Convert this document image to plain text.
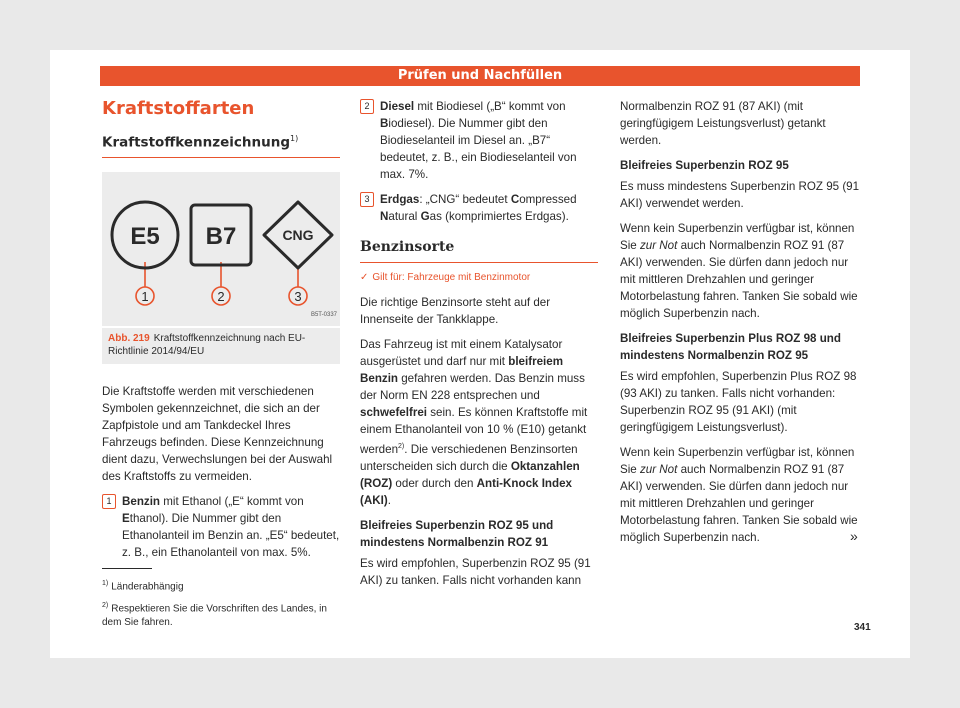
Prüfen und Nachfüllen
Kraftstoffarten
Kraftstoffkennzeichnung$^{1)}$
E5
1
B7
2
CNG
3
B5T-0337
Abb. 219 Kraftstoffkennzeichnung nach EU-Richtlinie 2014/94/EU

Die Kraftstoffe werden mit verschiedenen Symbolen gekennzeichnet, die sich an der Zapfpistole und am Tankdeckel Ihres Fahrzeugs befinden. Diese Kennzeichnung dient dazu, Verwechslungen bei der Auswahl des Kraftstoffs zu vermeiden.

1 Benzin mit Ethanol („E“ kommt von Ethanol). Die Nummer gibt den Ethanolanteil im Benzin an. „E5“ bedeutet, z. B., ein Ethanolanteil von max. 5%.
2 Diesel mit Biodiesel („B“ kommt von Biodiesel). Die Nummer gibt den Biodieselanteil im Diesel an. „B7“ bedeutet, z. B., ein Biodieselanteil von max. 7%.
3 Erdgas: „CNG“ bedeutet Compressed Natural Gas (komprimiertes Erdgas).
Benzinsorte
✓ Gilt für: Fahrzeuge mit Benzinmotor

Die richtige Benzinsorte steht auf der Innenseite der Tankklappe.

Das Fahrzeug ist mit einem Katalysator ausgerüstet und darf nur mit bleifreiem Benzin gefahren werden. Das Benzin muss der Norm EN 228 entsprechen und schwefelfrei sein. Es können Kraftstoffe mit einem Ethanolanteil von 10 % (E10) getankt werden$^{2)}$. Die verschiedenen Benzinsorten unterscheiden sich durch die Oktanzahlen (ROZ) oder durch den Anti-Knock Index (AKI).

Bleifreies Superbenzin ROZ 95 und mindestens Normalbenzin ROZ 91

Es wird empfohlen, Superbenzin ROZ 95 (91 AKI) zu tanken. Falls nicht vorhanden kann

Normalbenzin ROZ 91 (87 AKI) (mit geringfügigem Leistungsverlust) getankt werden.

Bleifreies Superbenzin ROZ 95

Es muss mindestens Superbenzin ROZ 95 (91 AKI) verwendet werden.

Wenn kein Superbenzin verfügbar ist, können Sie zur Not auch Normalbenzin ROZ 91 (87 AKI) verwenden. Sie dürfen dann jedoch nur mit mittleren Drehzahlen und geringer Motorbelastung fahren. Tanken Sie sobald wie möglich Superbenzin nach.

Bleifreies Superbenzin Plus ROZ 98 und mindestens Normalbenzin ROZ 95

Es wird empfohlen, Superbenzin Plus ROZ 98 (93 AKI) zu tanken. Falls nicht vorhanden: Superbenzin ROZ 95 (91 AKI) (mit geringfügigem Leistungsverlust).

Wenn kein Superbenzin verfügbar ist, können Sie zur Not auch Normalbenzin ROZ 91 (87 AKI) verwenden. Sie dürfen dann jedoch nur mit mittleren Drehzahlen und geringer Motorbelastung fahren. Tanken Sie sobald wie möglich Superbenzin nach.

$^{1)}$ Länderabhängig

$^{2)}$ Respektieren Sie die Vorschriften des Landes, in dem Sie fahren.

»
341
